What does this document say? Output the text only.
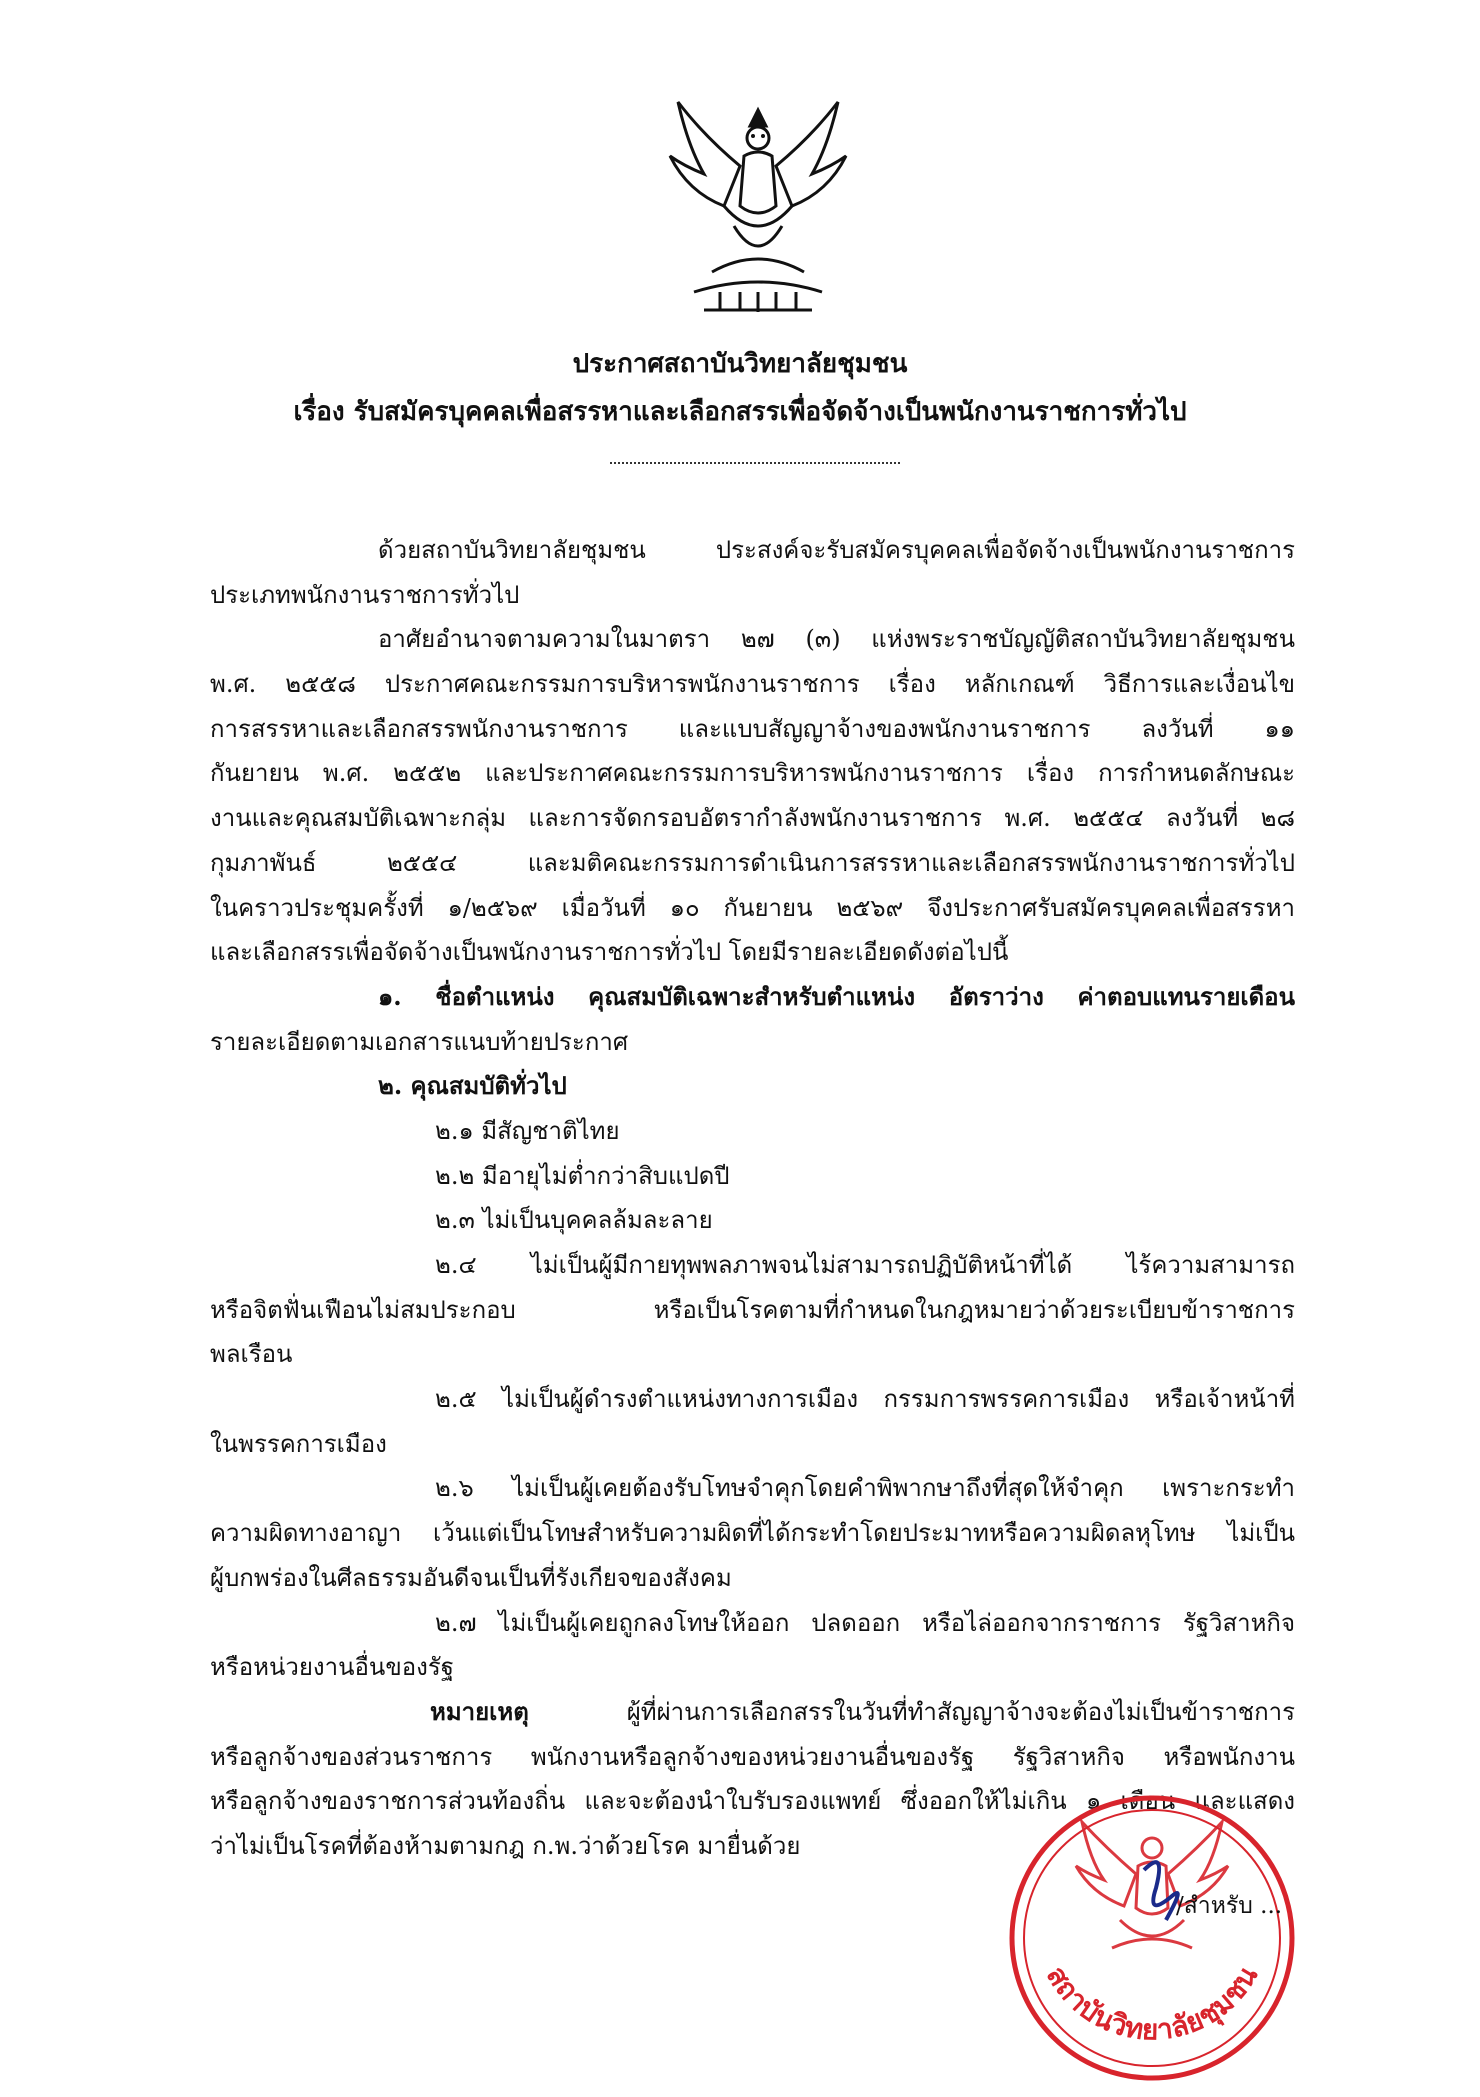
ประกาศสถาบันวิทยาลัยชุมชน
เรื่อง รับสมัครบุคคลเพื่อสรรหาและเลือกสรรเพื่อจัดจ้างเป็นพนักงานราชการทั่วไป
ด้วยสถาบันวิทยาลัยชุมชน ประสงค์จะรับสมัครบุคคลเพื่อจัดจ้างเป็นพนักงานราชการ
ประเภทพนักงานราชการทั่วไป
อาศัยอำนาจตามความในมาตรา ๒๗ (๓) แห่งพระราชบัญญัติสถาบันวิทยาลัยชุมชน
พ.ศ. ๒๕๕๘ ประกาศคณะกรรมการบริหารพนักงานราชการ เรื่อง หลักเกณฑ์ วิธีการและเงื่อนไข
การสรรหาและเลือกสรรพนักงานราชการ และแบบสัญญาจ้างของพนักงานราชการ ลงวันที่ ๑๑
กันยายน พ.ศ. ๒๕๕๒ และประกาศคณะกรรมการบริหารพนักงานราชการ เรื่อง การกำหนดลักษณะ
งานและคุณสมบัติเฉพาะกลุ่ม และการจัดกรอบอัตรากำลังพนักงานราชการ พ.ศ. ๒๕๕๔ ลงวันที่ ๒๘
กุมภาพันธ์ ๒๕๕๔ และมติคณะกรรมการดำเนินการสรรหาและเลือกสรรพนักงานราชการทั่วไป
ในคราวประชุมครั้งที่ ๑/๒๕๖๙ เมื่อวันที่ ๑๐ กันยายน ๒๕๖๙ จึงประกาศรับสมัครบุคคลเพื่อสรรหา
และเลือกสรรเพื่อจัดจ้างเป็นพนักงานราชการทั่วไป โดยมีรายละเอียดดังต่อไปนี้
๑. ชื่อตำแหน่ง คุณสมบัติเฉพาะสำหรับตำแหน่ง อัตราว่าง ค่าตอบแทนรายเดือน
รายละเอียดตามเอกสารแนบท้ายประกาศ
๒. คุณสมบัติทั่วไป
๒.๑ มีสัญชาติไทย
๒.๒ มีอายุไม่ต่ำกว่าสิบแปดปี
๒.๓ ไม่เป็นบุคคลล้มละลาย
๒.๔ ไม่เป็นผู้มีกายทุพพลภาพจนไม่สามารถปฏิบัติหน้าที่ได้ ไร้ความสามารถ
หรือจิตฟั่นเฟือนไม่สมประกอบ หรือเป็นโรคตามที่กำหนดในกฎหมายว่าด้วยระเบียบข้าราชการ
พลเรือน
๒.๕ ไม่เป็นผู้ดำรงตำแหน่งทางการเมือง กรรมการพรรคการเมือง หรือเจ้าหน้าที่
ในพรรคการเมือง
๒.๖ ไม่เป็นผู้เคยต้องรับโทษจำคุกโดยคำพิพากษาถึงที่สุดให้จำคุก เพราะกระทำ
ความผิดทางอาญา เว้นแต่เป็นโทษสำหรับความผิดที่ได้กระทำโดยประมาทหรือความผิดลหุโทษ ไม่เป็น
ผู้บกพร่องในศีลธรรมอันดีจนเป็นที่รังเกียจของสังคม
๒.๗ ไม่เป็นผู้เคยถูกลงโทษให้ออก ปลดออก หรือไล่ออกจากราชการ รัฐวิสาหกิจ
หรือหน่วยงานอื่นของรัฐ
หมายเหตุ	ผู้ที่ผ่านการเลือกสรรในวันที่ทำสัญญาจ้างจะต้องไม่เป็นข้าราชการ
หรือลูกจ้างของส่วนราชการ พนักงานหรือลูกจ้างของหน่วยงานอื่นของรัฐ รัฐวิสาหกิจ หรือพนักงาน
หรือลูกจ้างของราชการส่วนท้องถิ่น และจะต้องนำใบรับรองแพทย์ ซึ่งออกให้ไม่เกิน ๑ เดือน และแสดง
ว่าไม่เป็นโรคที่ต้องห้ามตามกฎ ก.พ.ว่าด้วยโรค มายื่นด้วย
สถาบันวิทยาลัยชุมชน
/สำหรับ ...
